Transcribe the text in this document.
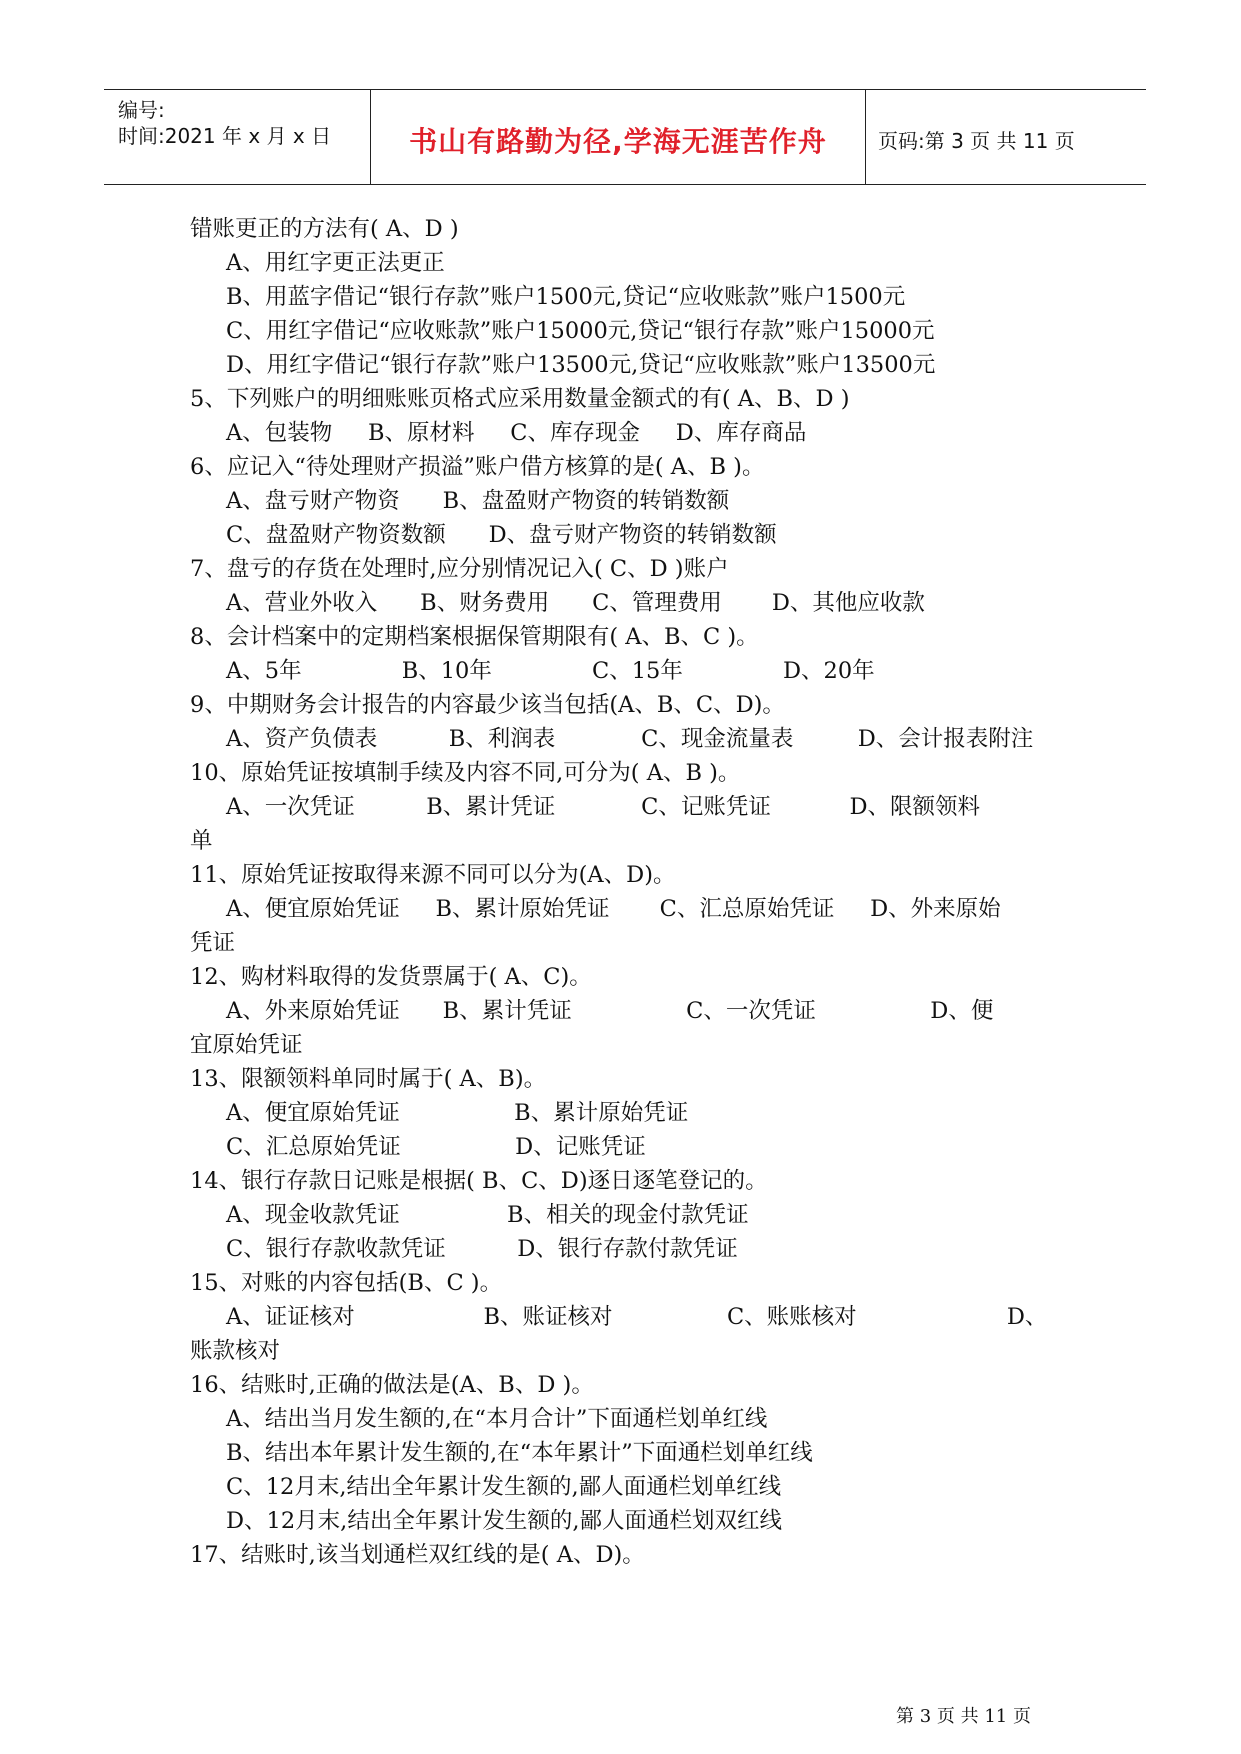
编号:
时间:2021 年 x 月 x 日	书山有路勤为径,学海无涯苦作舟	页码:第 3 页 共 11 页
错账更正的方法有( A、D )
A、用红字更正法更正
B、用蓝字借记“银行存款”账户1500元,贷记“应收账款”账户1500元
C、用红字借记“应收账款”账户15000元,贷记“银行存款”账户15000元
D、用红字借记“银行存款”账户13500元,贷记“应收账款”账户13500元
5、下列账户的明细账账页格式应采用数量金额式的有( A、B、D )
A、包装物     B、原材料     C、库存现金     D、库存商品
6、应记入“待处理财产损溢”账户借方核算的是( A、B )。
A、盘亏财产物资      B、盘盈财产物资的转销数额
C、盘盈财产物资数额      D、盘亏财产物资的转销数额
7、盘亏的存货在处理时,应分别情况记入( C、D )账户
A、营业外收入      B、财务费用      C、管理费用       D、其他应收款
8、会计档案中的定期档案根据保管期限有( A、B、C )。
A、5年              B、10年              C、15年              D、20年
9、中期财务会计报告的内容最少该当包括(A、B、C、D)。
A、资产负债表          B、利润表            C、现金流量表         D、会计报表附注
10、原始凭证按填制手续及内容不同,可分为( A、B )。
A、一次凭证          B、累计凭证            C、记账凭证           D、限额领料
单
11、原始凭证按取得来源不同可以分为(A、D)。
A、便宜原始凭证     B、累计原始凭证       C、汇总原始凭证     D、外来原始
凭证
12、购材料取得的发货票属于( A、C)。
A、外来原始凭证      B、累计凭证                C、一次凭证                D、便
宜原始凭证
13、限额领料单同时属于( A、B)。
A、便宜原始凭证                B、累计原始凭证
C、汇总原始凭证                D、记账凭证
14、银行存款日记账是根据( B、C、D)逐日逐笔登记的。
A、现金收款凭证               B、相关的现金付款凭证
C、银行存款收款凭证          D、银行存款付款凭证
15、对账的内容包括(B、C )。
A、证证核对                  B、账证核对                C、账账核对                     D、
账款核对
16、结账时,正确的做法是(A、B、D )。
A、结出当月发生额的,在“本月合计”下面通栏划单红线
B、结出本年累计发生额的,在“本年累计”下面通栏划单红线
C、12月末,结出全年累计发生额的,鄙人面通栏划单红线
D、12月末,结出全年累计发生额的,鄙人面通栏划双红线
17、结账时,该当划通栏双红线的是( A、D)。
第 3 页 共 11 页
